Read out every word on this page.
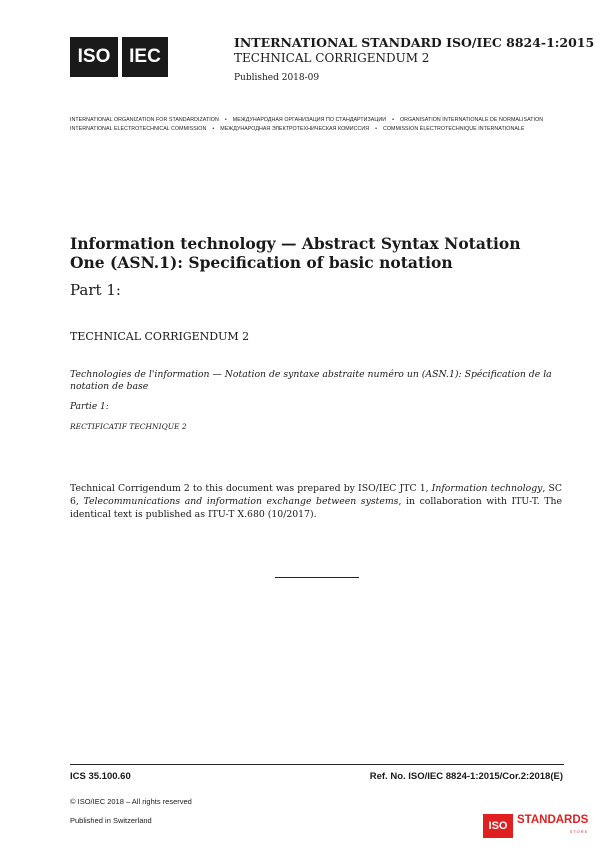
ISO IEC
INTERNATIONAL STANDARD ISO/IEC 8824-1:2015
TECHNICAL CORRIGENDUM 2
Published 2018-09
INTERNATIONAL ORGANIZATION FOR STANDARDIZATION • МЕЖДУНАРОДНАЯ ОРГАНИЗАЦИЯ ПО СТАНДАРТИЗАЦИИ • ORGANISATION INTERNATIONALE DE NORMALISATION
INTERNATIONAL ELECTROTECHNICAL COMMISSION • МЕЖДУНАРОДНАЯ ЭЛЕКТРОТЕХНИЧЕСКАЯ КОМИССИЯ • COMMISSION ÉLECTROTECHNIQUE INTERNATIONALE
Information technology — Abstract Syntax Notation One (ASN.1): Specification of basic notation
Part 1:
TECHNICAL CORRIGENDUM 2
Technologies de l'information — Notation de syntaxe abstraite numéro un (ASN.1): Spécification de la notation de base
Partie 1:
RECTIFICATIF TECHNIQUE 2
Technical Corrigendum 2 to this document was prepared by ISO/IEC JTC 1, Information technology, SC 6, Telecommunications and information exchange between systems, in collaboration with ITU-T. The identical text is published as ITU-T X.680 (10/2017).
ICS 35.100.60	Ref. No. ISO/IEC 8824-1:2015/Cor.2:2018(E)
© ISO/IEC 2018 – All rights reserved
Published in Switzerland	ISO STANDARDS
STORE
